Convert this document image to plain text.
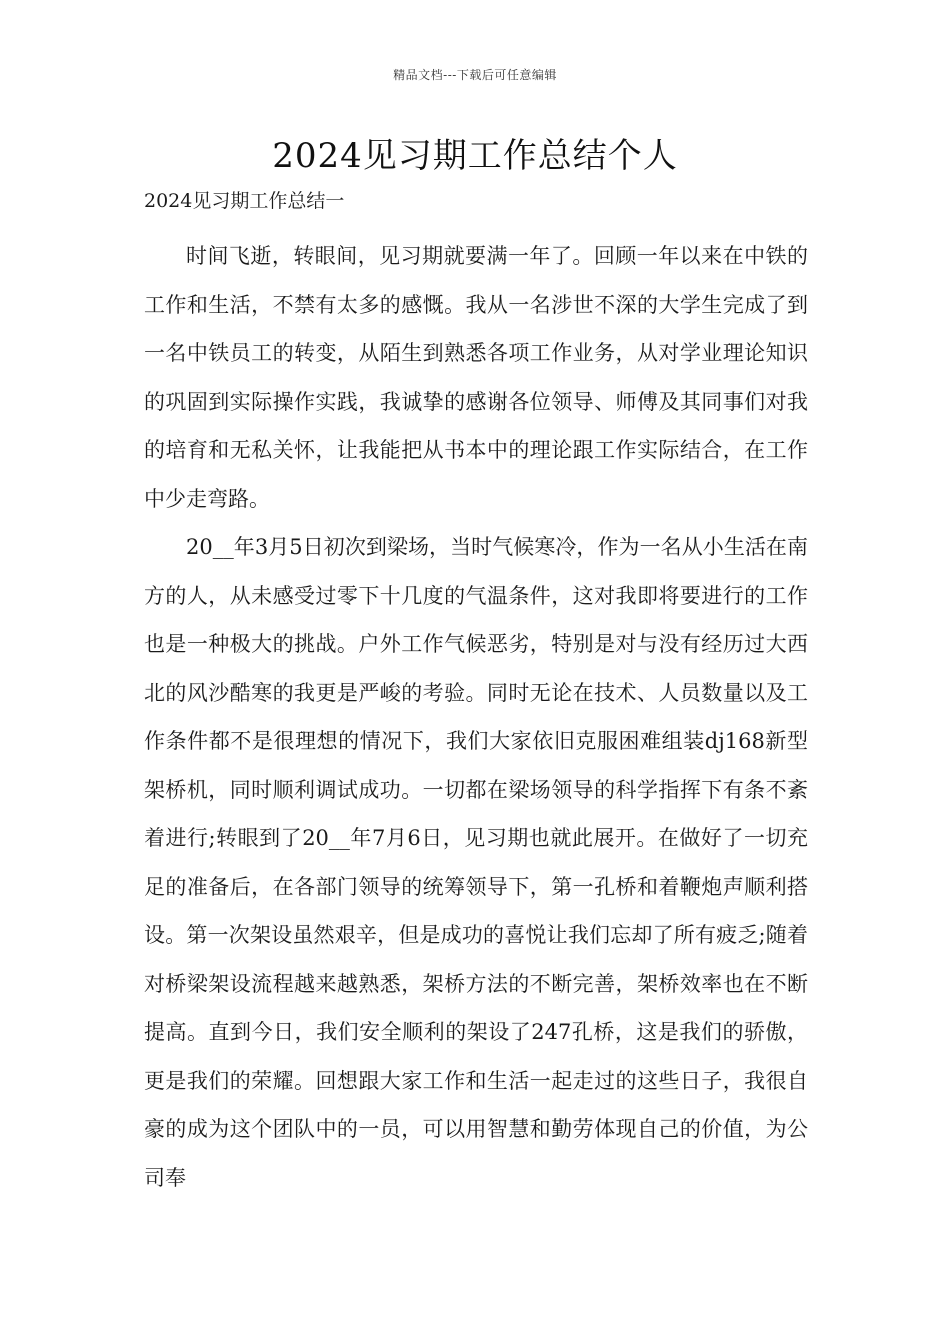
精品文档---下载后可任意编辑
2024见习期工作总结个人
2024见习期工作总结一

时间飞逝，转眼间，见习期就要满一年了。回顾一年以来在中铁的工作和生活，不禁有太多的感慨。我从一名涉世不深的大学生完成了到一名中铁员工的转变，从陌生到熟悉各项工作业务，从对学业理论知识的巩固到实际操作实践，我诚挚的感谢各位领导、师傅及其同事们对我的培育和无私关怀，让我能把从书本中的理论跟工作实际结合，在工作中少走弯路。

20__年3月5日初次到梁场，当时气候寒冷，作为一名从小生活在南方的人，从未感受过零下十几度的气温条件，这对我即将要进行的工作也是一种极大的挑战。户外工作气候恶劣，特别是对与没有经历过大西北的风沙酷寒的我更是严峻的考验。同时无论在技术、人员数量以及工作条件都不是很理想的情况下，我们大家依旧克服困难组装dj168新型架桥机，同时顺利调试成功。一切都在梁场领导的科学指挥下有条不紊着进行;转眼到了20__年7月6日，见习期也就此展开。在做好了一切充足的准备后，在各部门领导的统筹领导下，第一孔桥和着鞭炮声顺利搭设。第一次架设虽然艰辛，但是成功的喜悦让我们忘却了所有疲乏;随着对桥梁架设流程越来越熟悉，架桥方法的不断完善，架桥效率也在不断提高。直到今日，我们安全顺利的架设了247孔桥，这是我们的骄傲，更是我们的荣耀。回想跟大家工作和生活一起走过的这些日子，我很自豪的成为这个团队中的一员，可以用智慧和勤劳体现自己的价值，为公司奉
